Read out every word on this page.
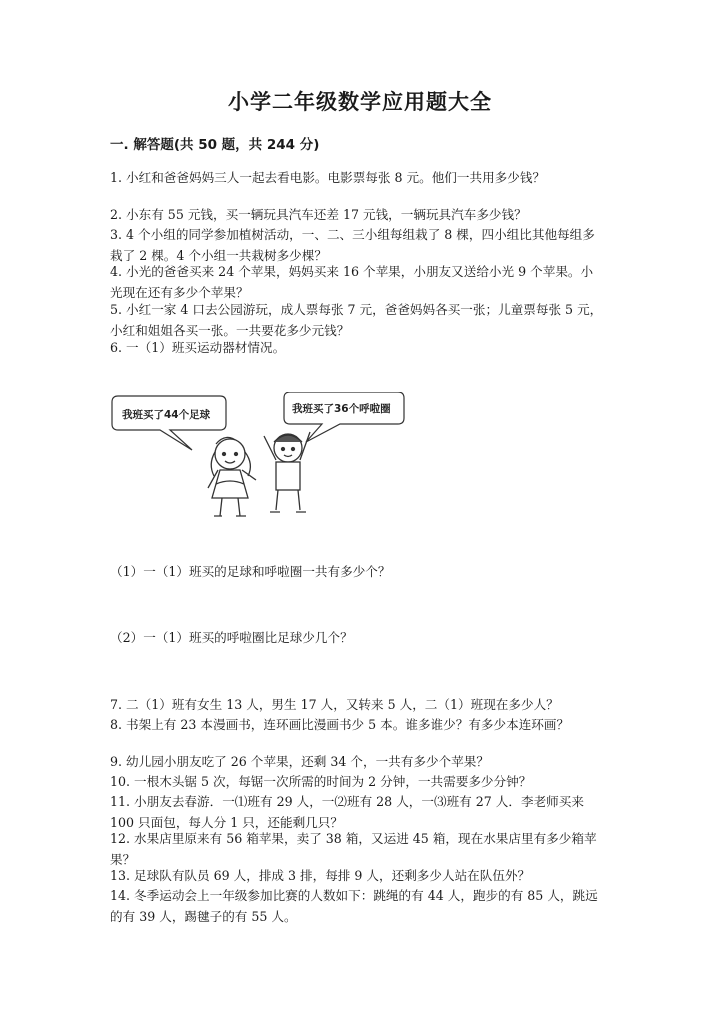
小学二年级数学应用题大全
一. 解答题(共 50 题，共 244 分)
1. 小红和爸爸妈妈三人一起去看电影。电影票每张 8 元。他们一共用多少钱？
2. 小东有 55 元钱，买一辆玩具汽车还差 17 元钱，一辆玩具汽车多少钱？
3. 4 个小组的同学参加植树活动，一、二、三小组每组栽了 8 棵，四小组比其他每组多栽了 2 棵。4 个小组一共栽树多少棵？
4. 小光的爸爸买来 24 个苹果，妈妈买来 16 个苹果，小朋友又送给小光 9 个苹果。小光现在还有多少个苹果？
5. 小红一家 4 口去公园游玩，成人票每张 7 元，爸爸妈妈各买一张；儿童票每张 5 元，小红和姐姐各买一张。一共要花多少元钱？
6. 一（1）班买运动器材情况。
我班买了44个足球	我班买了36个呼啦圈
（1）一（1）班买的足球和呼啦圈一共有多少个？
（2）一（1）班买的呼啦圈比足球少几个？
7. 二（1）班有女生 13 人，男生 17 人，又转来 5 人，二（1）班现在多少人？
8. 书架上有 23 本漫画书，连环画比漫画书少 5 本。谁多谁少？有多少本连环画？
9. 幼儿园小朋友吃了 26 个苹果，还剩 34 个，一共有多少个苹果？
10. 一根木头锯 5 次，每锯一次所需的时间为 2 分钟，一共需要多少分钟？
11. 小朋友去春游．一⑴班有 29 人，一⑵班有 28 人，一⑶班有 27 人．李老师买来 100 只面包，每人分 1 只，还能剩几只？
12. 水果店里原来有 56 箱苹果，卖了 38 箱，又运进 45 箱，现在水果店里有多少箱苹果？
13. 足球队有队员 69 人，排成 3 排，每排 9 人，还剩多少人站在队伍外？
14. 冬季运动会上一年级参加比赛的人数如下：跳绳的有 44 人，跑步的有 85 人，跳远的有 39 人，踢毽子的有 55 人。
